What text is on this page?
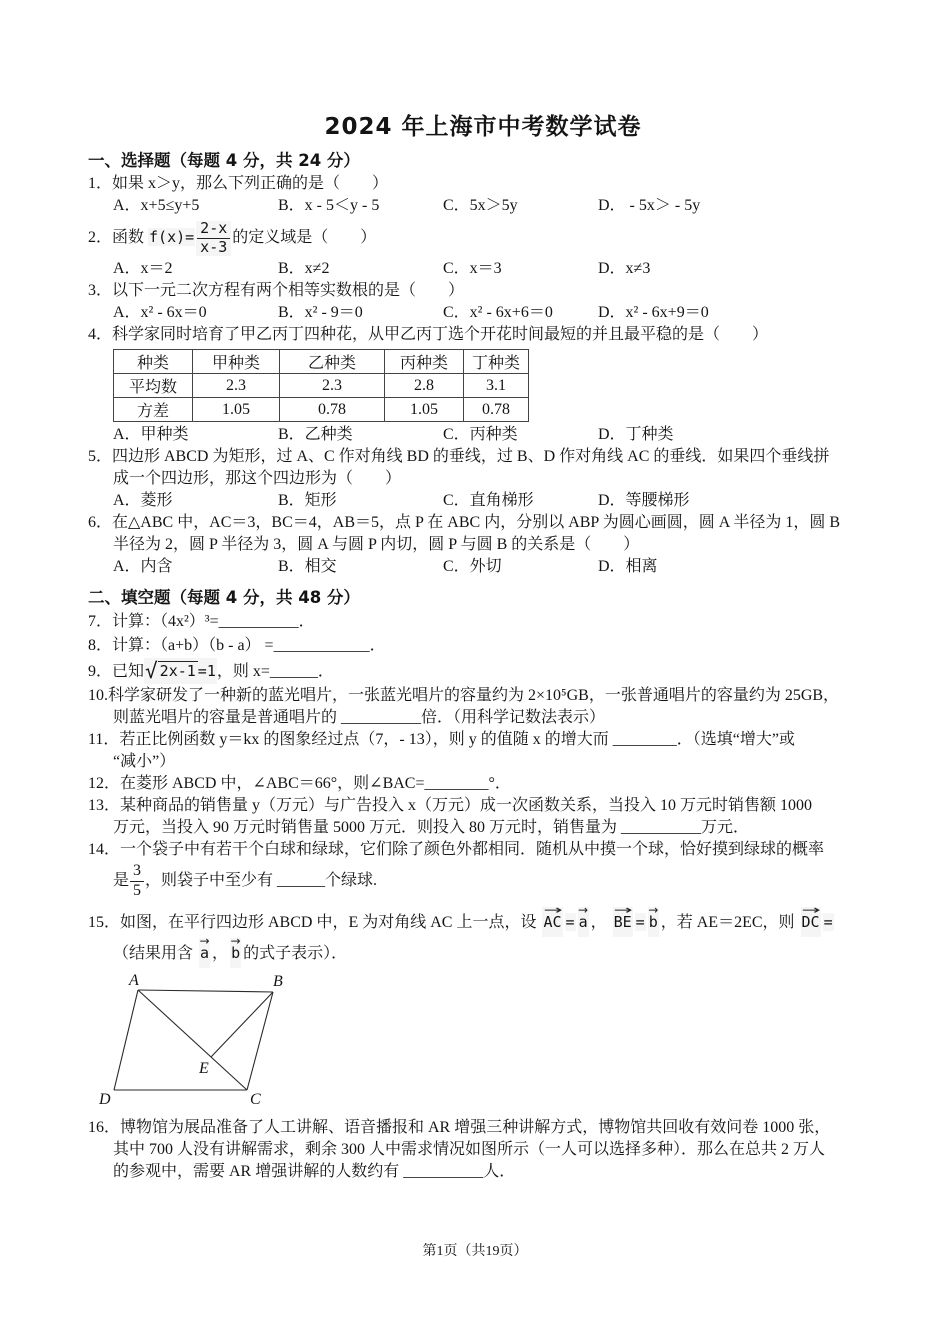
2024 年上海市中考数学试卷
一、选择题（每题 4 分，共 24 分）
1．如果 x＞y，那么下列正确的是（　　）
A．x+5≤y+5	B．x - 5＜y - 5	C．5x＞5y	D． - 5x＞ - 5y
2．函数 $f(x)= \frac{2-x}{x-3}$ 的定义域是（　　）
A．x＝2	B．x≠2	C．x＝3	D．x≠3
3．以下一元二次方程有两个相等实数根的是（　　）
A．x² - 6x＝0	B．x² - 9＝0	C．x² - 6x+6＝0	D．x² - 6x+9＝0
4．科学家同时培育了甲乙丙丁四种花，从甲乙丙丁选个开花时间最短的并且最平稳的是（　　）
种类	甲种类	乙种类	丙种类	丁种类
平均数	2.3	2.3	2.8	3.1
方差	1.05	0.78	1.05	0.78
A．甲种类	B．乙种类	C．丙种类	D．丁种类
5．四边形 ABCD 为矩形，过 A、C 作对角线 BD 的垂线，过 B、D 作对角线 AC 的垂线．如果四个垂线拼
成一个四边形，那这个四边形为（　　）
A．菱形	B．矩形	C．直角梯形	D．等腰梯形
6．在△ABC 中，AC＝3，BC＝4，AB＝5，点 P 在 ABC 内，分别以 ABP 为圆心画圆，圆 A 半径为 1，圆 B
半径为 2，圆 P 半径为 3，圆 A 与圆 P 内切，圆 P 与圆 B 的关系是（　　）
A．内含	B．相交	C．外切	D．相离
二、填空题（每题 4 分，共 48 分）
7．计算：（4x²）³=__________．
8．计算：（a+b）（b - a） =____________．
9．已知√ 2x-1 =1，则 x=______．
10.科学家研发了一种新的蓝光唱片，一张蓝光唱片的容量约为 2×10⁵GB，一张普通唱片的容量约为 25GB，
则蓝光唱片的容量是普通唱片的 __________倍．（用科学记数法表示）
11．若正比例函数 y＝kx 的图象经过点（7，- 13），则 y 的值随 x 的增大而 ________．（选填“增大”或
“减小”）
12．在菱形 ABCD 中，∠ABC＝66°，则∠BAC=________°．
13．某种商品的销售量 y（万元）与广告投入 x（万元）成一次函数关系，当投入 10 万元时销售额 1000
万元，当投入 90 万元时销售量 5000 万元．则投入 80 万元时，销售量为 __________万元．
14．一个袋子中有若干个白球和绿球，它们除了颜色外都相同．随机从中摸一个球，恰好摸到绿球的概率
是 $\frac{3}{5}$ ，则袋子中至少有 ______个绿球.
15．如图，在平行四边形 ABCD 中，E 为对角线 AC 上一点，设 → AC = → a ， → BE = → b ，若 AE＝2EC，则 → DC =
（结果用含 → a ， → b 的式子表示）．
A	B
C
D
E
16．博物馆为展品准备了人工讲解、语音播报和 AR 增强三种讲解方式，博物馆共回收有效问卷 1000 张，
其中 700 人没有讲解需求，剩余 300 人中需求情况如图所示（一人可以选择多种）．那么在总共 2 万人
的参观中，需要 AR 增强讲解的人数约有 __________人．
第1页（共19页）
